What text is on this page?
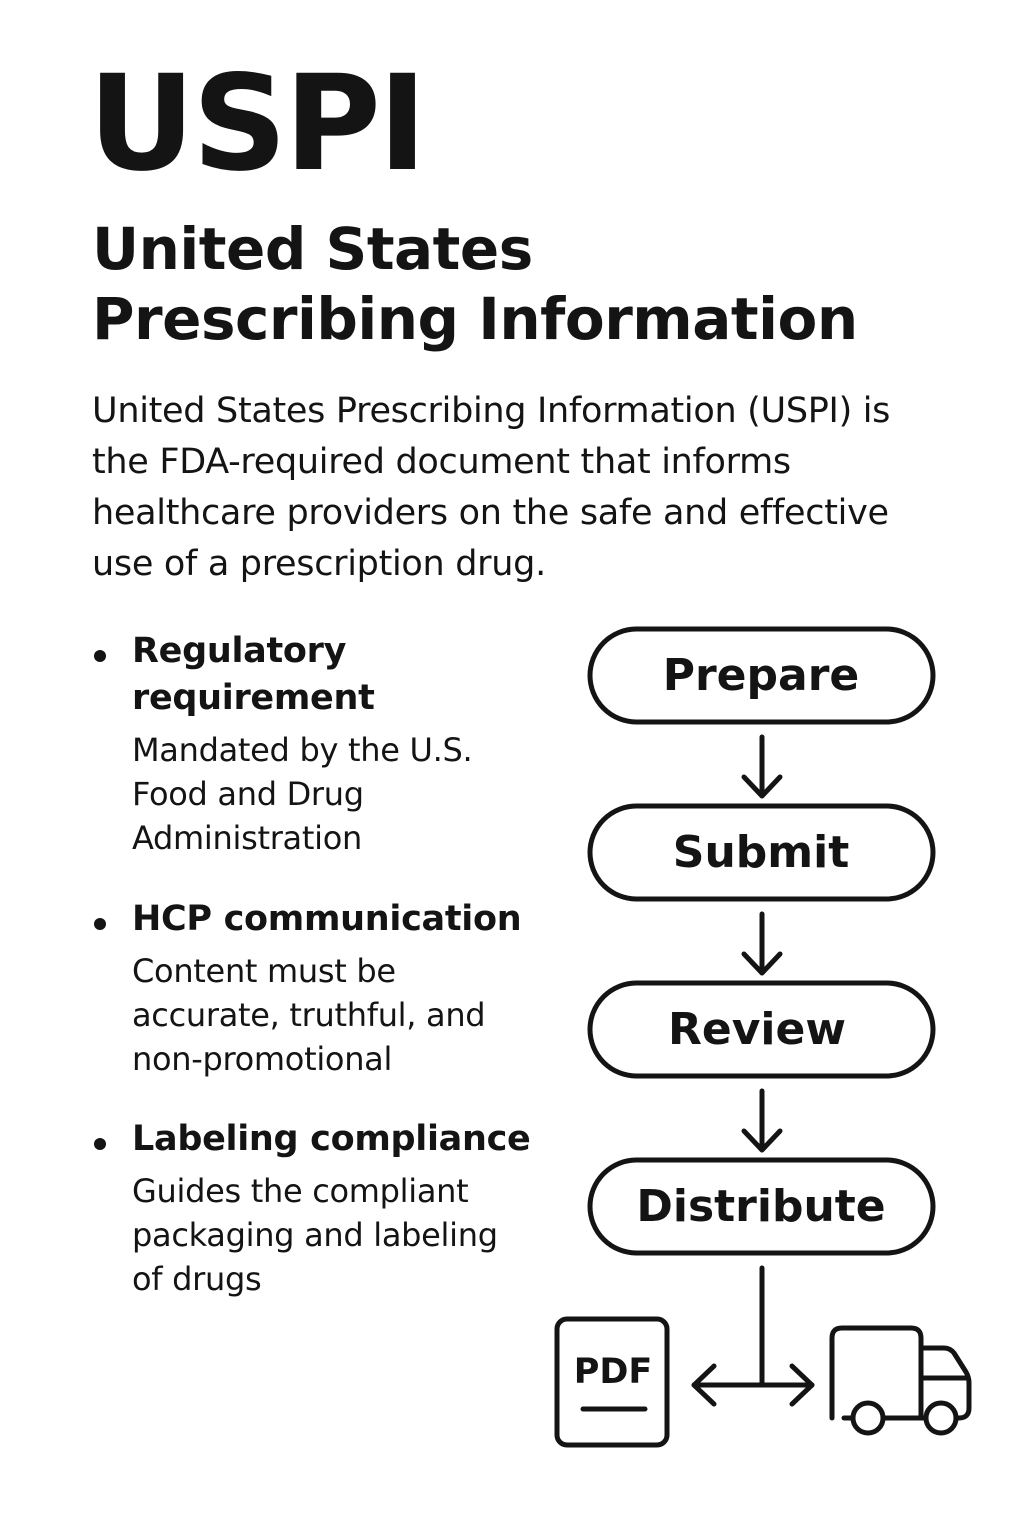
USPI
United States
Prescribing Information

United States Prescribing Information (USPI) is the FDA-required document that informs healthcare providers on the safe and effective use of a prescription drug.

Regulatory
requirement
Mandated by the U.S.
Food and Drug
Administration
HCP communication
Content must be
accurate, truthful, and
non-promotional
Labeling compliance
Guides the compliant
packaging and labeling
of drugs
Prepare
Submit
Review
Distribute
PDF
